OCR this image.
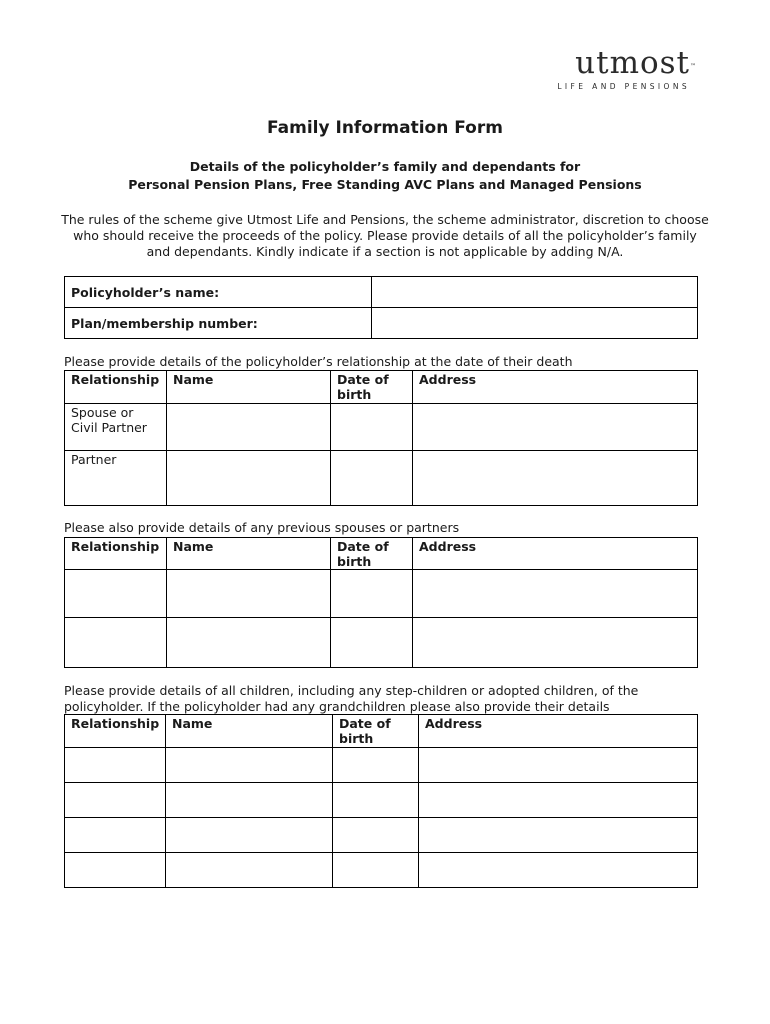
utmost ™
LIFE AND PENSIONS
Family Information Form
Details of the policyholder’s family and dependants for
Personal Pension Plans, Free Standing AVC Plans and Managed Pensions
The rules of the scheme give Utmost Life and Pensions, the scheme administrator, discretion to choose who should receive the proceeds of the policy. Please provide details of all the policyholder’s family and dependants. Kindly indicate if a section is not applicable by adding N/A.
Policyholder’s name:	
Plan/membership number:	
Please provide details of the policyholder’s relationship at the date of their death
Relationship	Name	Date of birth	Address
Spouse or Civil Partner			
Partner			
Please also provide details of any previous spouses or partners
Relationship	Name	Date of birth	Address

Please provide details of all children, including any step-children or adopted children, of the policyholder. If the policyholder had any grandchildren please also provide their details
Relationship	Name	Date of birth	Address
